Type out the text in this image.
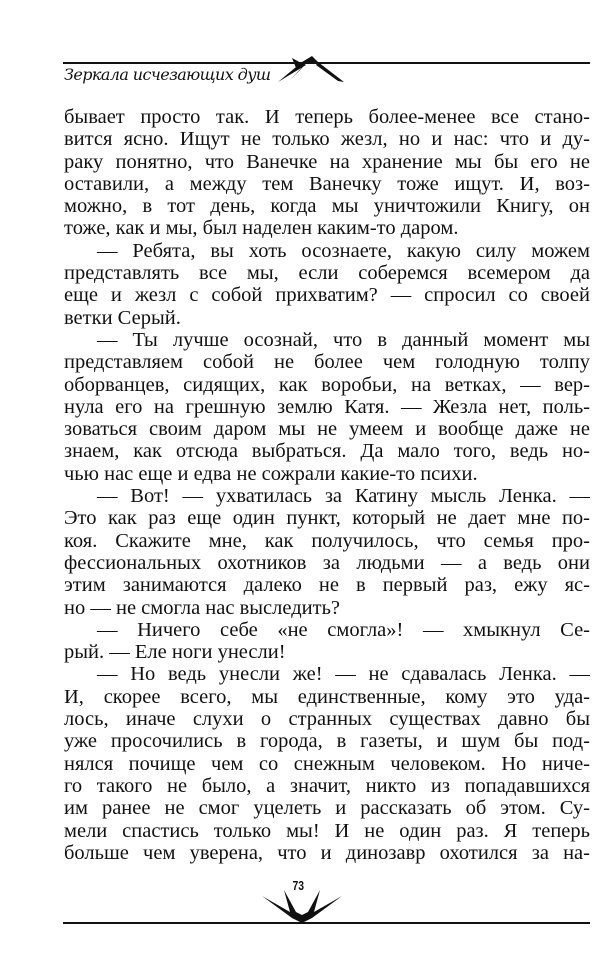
Зеркала исчезающих душ
бывает просто так. И теперь более-менее все стано-
вится ясно. Ищут не только жезл, но и нас: что и ду-
раку понятно, что Ванечке на хранение мы бы его не
оставили, а между тем Ванечку тоже ищут. И, воз-
можно, в тот день, когда мы уничтожили Книгу, он
тоже, как и мы, был наделен каким-то даром.
— Ребята, вы хоть осознаете, какую силу можем
представлять все мы, если соберемся всемером да
еще и жезл с собой прихватим? — спросил со своей
ветки Серый.
— Ты лучше осознай, что в данный момент мы
представляем собой не более чем голодную толпу
оборванцев, сидящих, как воробьи, на ветках, — вер-
нула его на грешную землю Катя. — Жезла нет, поль-
зоваться своим даром мы не умеем и вообще даже не
знаем, как отсюда выбраться. Да мало того, ведь но-
чью нас еще и едва не сожрали какие-то психи.
— Вот! — ухватилась за Катину мысль Ленка. —
Это как раз еще один пункт, который не дает мне по-
коя. Скажите мне, как получилось, что семья про-
фессиональных охотников за людьми — а ведь они
этим занимаются далеко не в первый раз, ежу яс-
но — не смогла нас выследить?
— Ничего себе «не смогла»! — хмыкнул Се-
рый. — Еле ноги унесли!
— Но ведь унесли же! — не сдавалась Ленка. —
И, скорее всего, мы единственные, кому это уда-
лось, иначе слухи о странных существах давно бы
уже просочились в города, в газеты, и шум бы под-
нялся почище чем со снежным человеком. Но ниче-
го такого не было, а значит, никто из попадавшихся
им ранее не смог уцелеть и рассказать об этом. Су-
мели спастись только мы! И не один раз. Я теперь
больше чем уверена, что и динозавр охотился за на-
73
